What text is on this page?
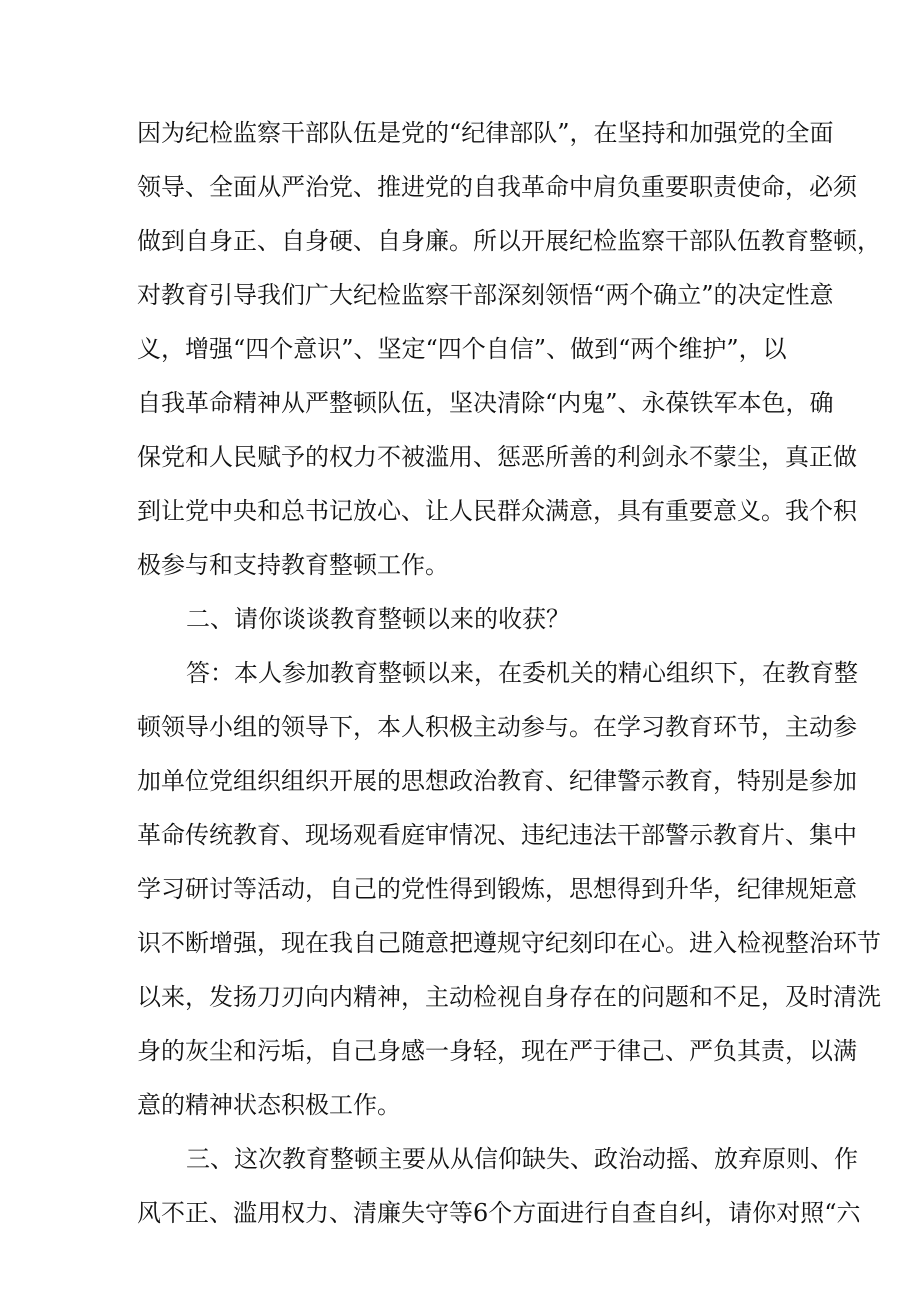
因为纪检监察干部队伍是党的“纪律部队”，在坚持和加强党的全面
领导、全面从严治党、推进党的自我革命中肩负重要职责使命，必须
做到自身正、自身硬、自身廉。所以开展纪检监察干部队伍教育整顿，
对教育引导我们广大纪检监察干部深刻领悟“两个确立”的决定性意
义，增强“四个意识”、坚定“四个自信”、做到“两个维护”，以
自我革命精神从严整顿队伍，坚决清除“内鬼”、永葆铁军本色，确
保党和人民赋予的权力不被滥用、惩恶所善的利剑永不蒙尘，真正做
到让党中央和总书记放心、让人民群众满意，具有重要意义。我个积
极参与和支持教育整顿工作。
二、请你谈谈教育整顿以来的收获？
答：本人参加教育整顿以来，在委机关的精心组织下，在教育整
顿领导小组的领导下，本人积极主动参与。在学习教育环节，主动参
加单位党组织组织开展的思想政治教育、纪律警示教育，特别是参加
革命传统教育、现场观看庭审情况、违纪违法干部警示教育片、集中
学习研讨等活动，自己的党性得到锻炼，思想得到升华，纪律规矩意
识不断增强，现在我自己随意把遵规守纪刻印在心。进入检视整治环节
以来，发扬刀刃向内精神，主动检视自身存在的问题和不足，及时清洗
身的灰尘和污垢，自己身感一身轻，现在严于律己、严负其责，以满
意的精神状态积极工作。
三、这次教育整顿主要从从信仰缺失、政治动摇、放弃原则、作
风不正、滥用权力、清廉失守等6个方面进行自查自纠，请你对照“六
